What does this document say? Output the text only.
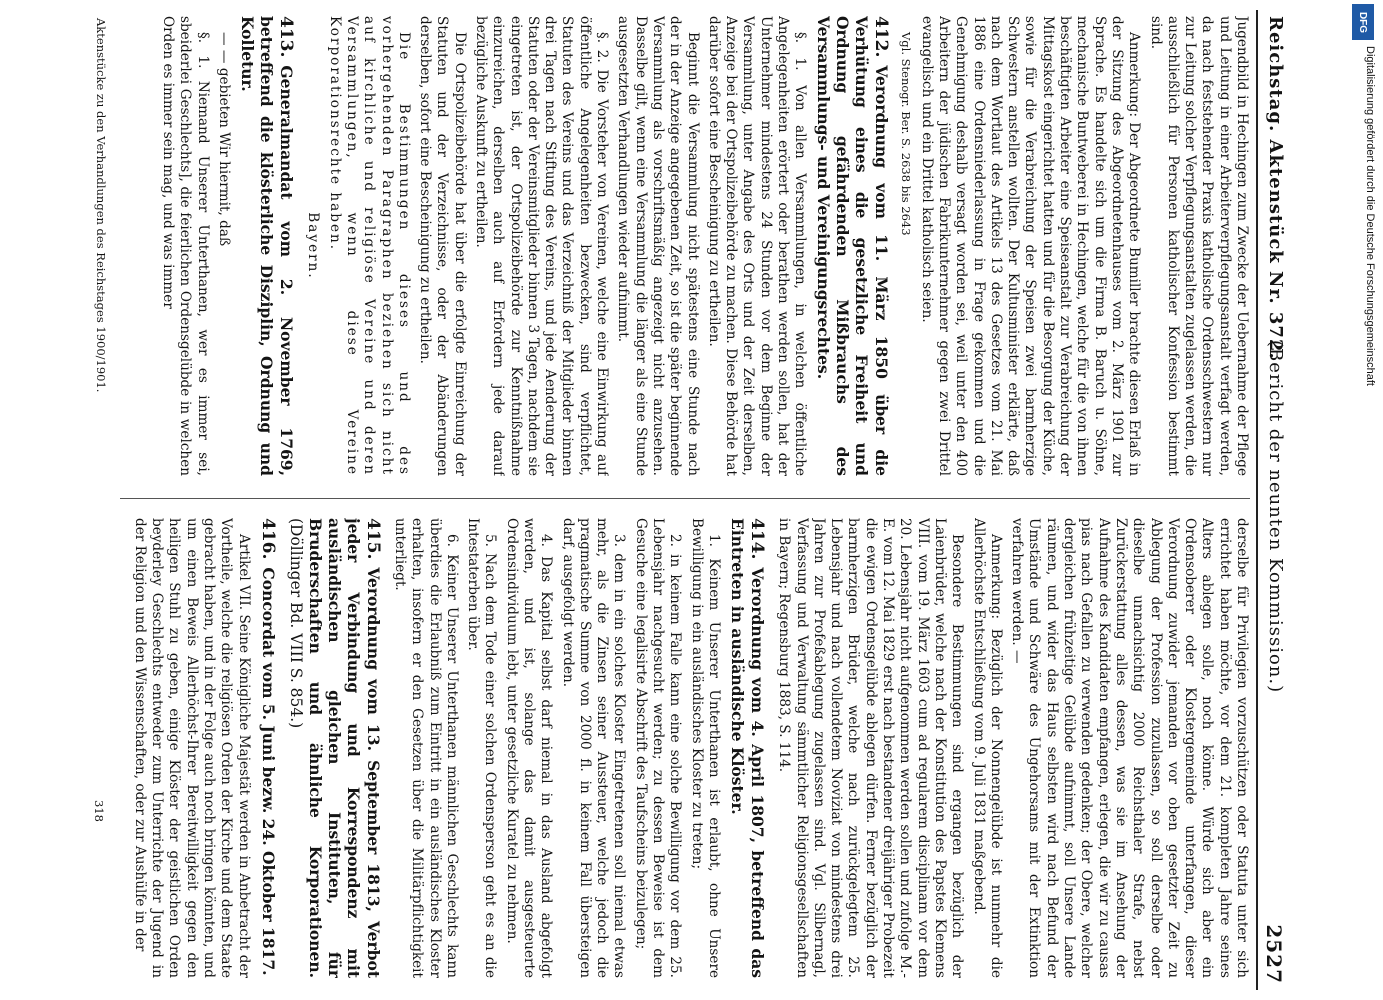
Reichstag. Aktenstück Nr. 372.
(Bericht der neunten Kommission.)
2527

Jugendbild in Hechingen zum Zwecke der Uebernahme der Pflege und Leitung in einer Arbeiterverpflegungsanstalt verfagt werden, da nach feststehender Praxis katholische Ordensschwestern nur zur Leitung solcher Verpflegungsanstalten zugelassen werden, die ausschließlich für Personen katholischer Konfession bestimmt sind.

Anmerkung: Der Abgeordnete Bumiller brachte diesen Erlaß in der Sitzung des Abgeordnetenhauses vom 2. März 1901 zur Sprache. Es handelte sich um die Firma B. Baruch u. Söhne, mechanische Buntweberei in Hechingen, welche für die von ihnen beschäftigten Arbeiter eine Speiseanstalt zur Verabreichung der Mittagskost eingerichtet hatten und für die Besorgung der Küche, sowie für die Verabreichung der Speisen zwei barmherzige Schwestern anstellen wollten. Der Kultusminister erklärte, daß nach dem Wortlaut des Artikels 13 des Gesetzes vom 21. Mai 1886 eine Ordensniederlassung in Frage gekommen und die Genehmigung deshalb versagt worden sei, weil unter den 400 Arbeitern der jüdischen Fabrikunternehmer gegen zwei Drittel evangelisch und ein Drittel katholisch seien.

Vgl. Stenogr. Ber. S. 2638 bis 2643

412.Verordnung vom 11. März 1850 über die Verhütung eines die gesetzliche Freiheit und Ordnung gefährdenden Mißbrauchs des Versammlungs- und Vereinigungsrechtes.

§. 1. Von allen Versammlungen, in welchen öffentliche Angelegenheiten erörtert oder berathen werden sollen, hat der Unternehmer mindestens 24 Stunden vor dem Beginne der Versammlung, unter Angabe des Orts und der Zeit derselben, Anzeige bei der Ortspolizeibehörde zu machen. Diese Behörde hat darüber sofort eine Bescheinigung zu ertheilen.

Beginnt die Versammlung nicht spätestens eine Stunde nach der in der Anzeige angegebenen Zeit, so ist die später beginnende Versammlung als vorschriftsmäßig angezeigt nicht anzusehen. Dasselbe gilt, wenn eine Versammlung die länger als eine Stunde ausgesetzten Verhandlungen wieder aufnimmt.

§. 2. Die Vorsteher von Vereinen, welche eine Einwirkung auf öffentliche Angelegenheiten bezwecken, sind verpflichtet, Statuten des Vereins und das Verzeichniß der Mitglieder binnen drei Tagen nach Stiftung des Vereins, und jede Aenderung der Statuten oder der Vereinsmitglieder binnen 3 Tagen, nachdem sie eingetreten ist, der Ortspolizeibehörde zur Kenntnißnahme einzureichen, derselben auch auf Erfordern jede darauf bezügliche Auskunft zu ertheilen.

Die Ortspolizeibehörde hat über die erfolgte Einreichung der Statuten und der Verzeichnisse, oder der Abänderungen derselben, sofort eine Bescheinigung zu ertheilen.

Die Bestimmungen dieses und des vorhergehenden Paragraphen beziehen sich nicht auf kirchliche und religiöse Vereine und deren Versammlungen, wenn diese Vereine Korporationsrechte haben.

Bayern.

413.Generalmandat vom 2. November 1769, betreffend die klösterliche Disziplin, Ordnung und Kolletur.

— — gebieten Wir hiermit, daß

§. 1. Niemand Unserer Unterthanen, wer es immer sei, sbeiderlei Geschlechts], die feierlichen Ordensgelübde in welchen Orden es immer sein mag, und was immer

derselbe für Privilegien vorzuschützen oder Statuta unter sich errichtet haben möchte, vor dem 21. kompleten Jahre seines Alters ablegen solle, noch könne. Würde sich aber ein Ordensoberer oder Klostergemeinde unterfangen, dieser Verordnung zuwider jemanden vor oben gesetzter Zeit zu Ablegung der Profession zuzulassen, so soll derselbe oder dieselbe unnachsichtig 2000 Reichsthaler Strafe, nebst Zurückerstattung alles dessen, was sie im Ansehung der Aufnahme des Kandidaten empfangen, erlegen, die wir zu causas pias nach Gefallen zu verwenden gedenken; der Obere, welcher dergleichen frühzeitige Gelübde aufnimmt, soll Unsere Lande räumen, und wider das Haus selbsten wird nach Befund der Umstände und Schwäre des Ungehorsams mit der Extinktion verfahren werden. —

Anmerkung: Bezüglich der Nonnengelübde ist nunmehr die Allerhöchste Entschließung vom 9. Juli 1831 maßgebend.

Besondere Bestimmungen sind ergangen bezüglich der Laienbrüder, welche nach der Konstitution des Papstes Klemens VIII. vom 19. März 1603 cum ad regularem disciplinam vor dem 20. Lebensjahr nicht aufgenommen werden sollen und zufolge M.-E. vom 12. Mai 1829 erst nach bestandener dreijähriger Probezeit die ewigen Ordensgelübde ablegen dürfen. Ferner bezüglich der barmherzigen Brüder, welche nach zurückgelegtem 25. Lebensjahr und nach vollendetem Noviziat von mindestens drei Jahren zur Profeßablegung zugelassen sind. Vgl. Silbernagl, Verfassung und Verwaltung sämmtlicher Religionsgesellschaften in Bayern; Regensburg 1883, S. 114.

414.Verordnung vom 4. April 1807, betreffend das Eintreten in ausländische Klöster.

1. Keinem Unserer Unterthanen ist erlaubt, ohne Unsere Bewilligung in ein ausländisches Kloster zu treten;

2. in keinem Falle kann eine solche Bewilligung vor dem 25. Lebensjahr nachgesucht werden; zu dessen Beweise ist dem Gesuche eine legalisirte Abschrift des Taufscheins beizulegen;

3. dem in ein solches Kloster Eingetretenen soll niemal etwas mehr, als die Zinsen seiner Aussteuer, welche jedoch die pragmatische Summe von 2000 fl. in keinem Fall übersteigen darf, ausgefolgt werden.

4. Das Kapital selbst darf niemal in das Ausland abgefolgt werden, und ist, solange das damit ausgesteuerte Ordensindividuum lebt, unter gesetzliche Kuratel zu nehmen.

5. Nach dem Tode einer solchen Ordensperson geht es an die Intestaterben über.

6. Keiner Unserer Unterthanen männlichen Geschlechts kann überdies die Erlaubniß zum Eintritt in ein ausländisches Kloster erhalten, insofern er den Gesetzen über die Militärpflichtigkeit unterliegt.

415.Verordnung vom 13. September 1813, Verbot jeder Verbindung und Korrespondenz mit ausländischen gleichen Instituten, für Bruderschaften und ähnliche Korporationen. (Döllinger Bd. VIII S. 854.)
416.Concordat vom 5. Juni bezw. 24. Oktober 1817.

Artikel VII. Seine Königliche Majestät werden in Anbetracht der Vortheile, welche die religiösen Orden der Kirche und dem Staate gebracht haben, und in der Folge auch noch bringen könnten, und um einen Beweis Allerhöchst-Ihrer Bereitwilligkeit gegen den heiligen Stuhl zu geben, einige Klöster der geistlichen Orden beyderley Geschlechts entweder zum Unterrichte der Jugend in der Religion und den Wissenschaften, oder zur Aushülfe in der

Aktenstücke zu den Verhandlungen des Reichstages 1900/1901.
318
DFG
Digitalisierung gefördert durch die Deutsche Forschungsgemeinschaft
